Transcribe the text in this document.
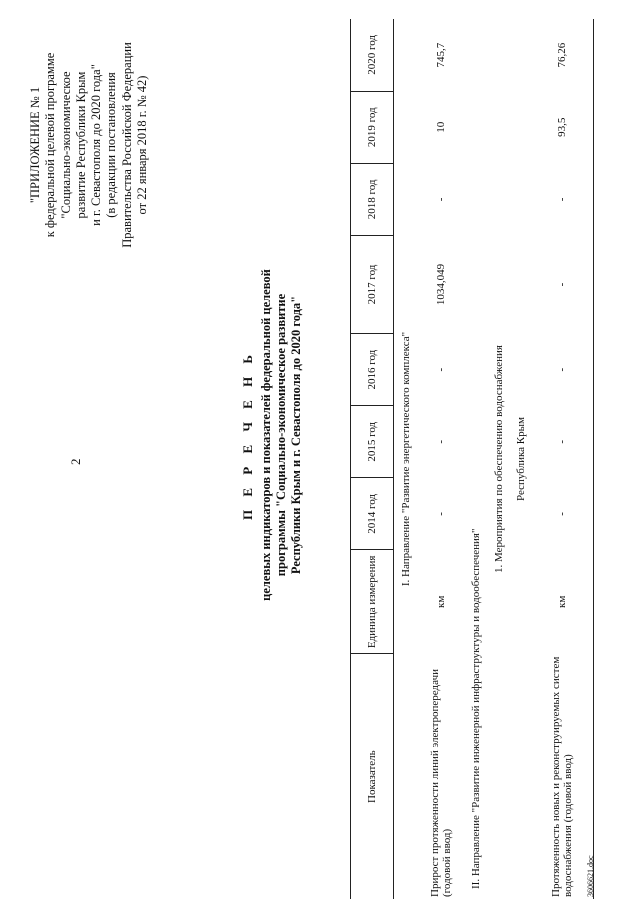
2
"ПРИЛОЖЕНИЕ № 1 к федеральной целевой программе "Социально-экономическое развитие Республики Крым и г. Севастополя до 2020 года" (в редакции постановления Правительства Российской Федерации от 22 января 2018 г. № 42)
П Е Р Е Ч Е Н Ь целевых индикаторов и показателей федеральной целевой программы "Социально-экономическое развитие Республики Крым и г. Севастополя до 2020 года"
Показатель	Единица измерения	2014 год	2015 год	2016 год	2017 год	2018 год	2019 год	2020 год
I. Направление "Развитие энергетического комплекса"								
Прирост протяженности линий электропередачи (годовой ввод)	км	-	-	-	1034,049	-	10	745,7
II. Направление "Развитие инженерной инфраструктуры и водообеспечения"								
1. Мероприятия по обеспечению водоснабжения								
Республика Крым								
Протяженность новых и реконструируемых систем водоснабжения (годовой ввод)	км	-	-	-	-	-	93,5	76,26
3606621.doc
